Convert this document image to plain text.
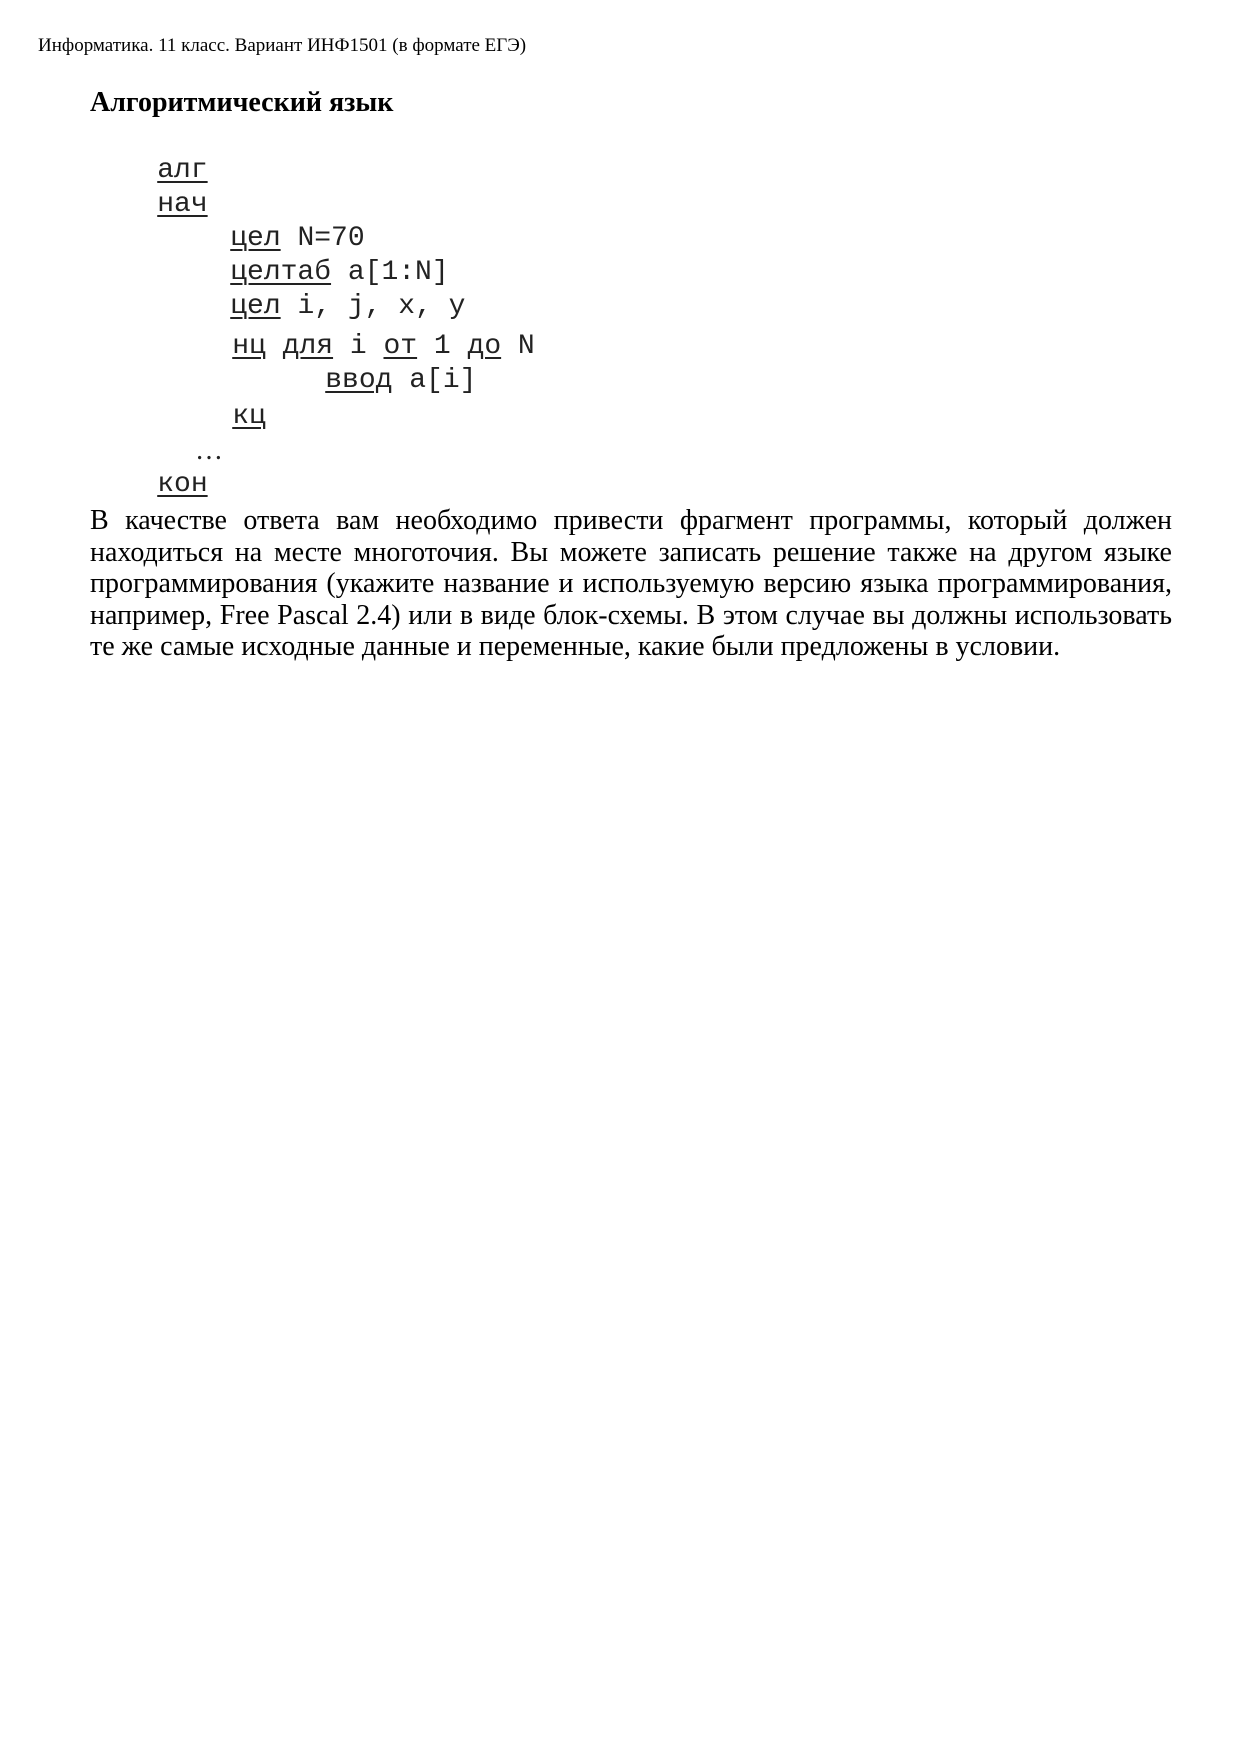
Информатика. 11 класс. Вариант ИНФ1501 (в формате ЕГЭ)
Алгоритмический язык

алг

нач

цел N=70

целтаб a[1:N]

цел i, j, x, y

нц для i от 1 до N

ввод a[i]

кц

…

кон

В качестве ответа вам необходимо привести фрагмент программы, который должен находиться на месте многоточия. Вы можете записать решение также на другом языке программирования (укажите название и используемую версию языка программирования, например, Free Pascal 2.4) или в виде блок-схемы. В этом случае вы должны использовать те же самые исходные данные и переменные, какие были предложены в условии.
